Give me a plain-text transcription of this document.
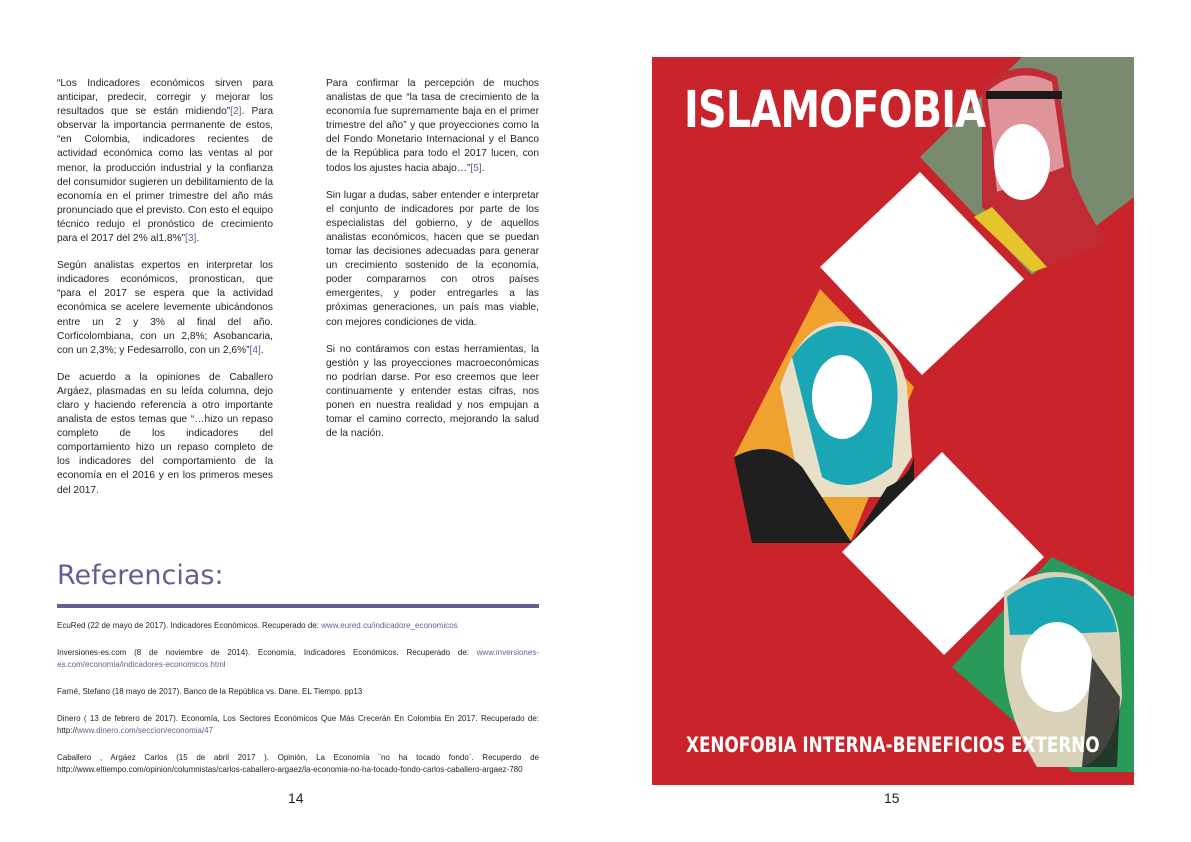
“Los Indicadores económicos sirven para anticipar, predecir, corregir y mejorar los resultados que se están midiendo”[2]. Para observar la importancia permanente de estos, “en Colombia, indicadores recientes de actividad económica como las ventas al por menor, la producción industrial y la confianza del consumidor sugieren un debilitamiento de la economía en el primer trimestre del año más pronunciado que el previsto. Con esto el equipo técnico redujo el pronóstico de crecimiento para el 2017 del 2% al1.8%”[3].

Según analistas expertos en interpretar los indicadores económicos, pronostican, que “para el 2017 se espera que la actividad económica se acelere levemente ubicándonos entre un 2 y 3% al final del año. Corficolombiana, con un 2,8%; Asobancaria, con un 2,3%; y Fedesarrollo, con un 2,6%”[4].

De acuerdo a la opiniones de Caballero Argáez, plasmadas en su leída columna, dejo claro y haciendo referencia a otro importante analista de estos temas que “…hizo un repaso completo de los indicadores del comportamiento hizo un repaso completo de los indicadores del comportamiento de la economía en el 2016 y en los primeros meses del 2017.

Para confirmar la percepción de muchos analistas de que “la tasa de crecimiento de la economía fue supremamente baja en el primer trimestre del año” y que proyecciones como la del Fondo Monetario Internacional y el Banco de la República para todo el 2017 lucen, con todos los ajustes hacia abajo…”[5].

Sin lugar a dudas, saber entender e interpretar el conjunto de indicadores por parte de los especialistas del gobierno, y de aquellos analistas económicos, hacen que se puedan tomar las decisiones adecuadas para generar un crecimiento sostenido de la economía, poder compararnos con otros países emergentes, y poder entregarles a las próximas generaciones, un país mas viable, con mejores condiciones de vida.

Si no contáramos con estas herramientas, la gestión y las proyecciones macroeconómicas no podrían darse. Por eso creemos que leer continuamente y entender estas cifras, nos ponen en nuestra realidad y nos empujan a tomar el camino correcto, mejorando la salud de la nación.

Referencias:
EcuRed (22 de mayo de 2017). Indicadores Económicos. Recuperado de: www.eured.cu/indicadore_economicos
Inversiones-es.com (8 de noviembre de 2014). Economía, Indicadores Económicos. Recuperado de: www.inversiones-es.com/economia/indicadores-economicos.html
Farné, Stefano (18 mayo de 2017). Banco de la República vs. Dane. EL Tiempo. pp13
Dinero ( 13 de febrero de 2017). Economía, Los Sectores Económicos Que Más Crecerán En Colombia En 2017. Recuperado de: http://www.dinero.com/seccion/economia/47
Caballero , Argáez Carlos (15 de abril 2017 ). Opinión, La Economía ¨no ha tocado fondo¨. Recuperdo de http://www.eltiempo.com/opinion/columnistas/carlos-caballero-argaez/la-economia-no-ha-tocado-fondo-carlos-caballero-argaez-780
14
ISLAMOFOBIA
EN ESTADOS
UNIDOS
XENOFOBIA INTERNA-BENEFICIOS EXTERNO
15
